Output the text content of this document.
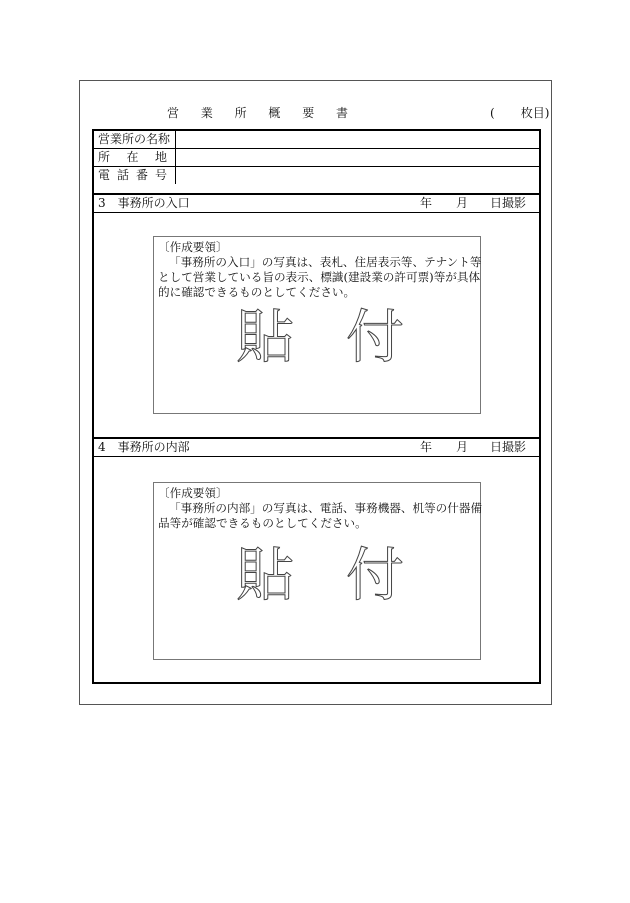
営 業 所 概 要 書	( 枚目)
営業所の名称
所 在 地
電 話 番 号
3　事務所の入口	年 月 日撮影

〔作成要領〕
「事務所の入口」の写真は、表札、住居表示等、テナント等として営業している旨の表示、標識(建設業の許可票)等が具体的に確認できるものとしてください。

貼 付
4　事務所の内部	年 月 日撮影

〔作成要領〕
「事務所の内部」の写真は、電話、事務機器、机等の什器備品等が確認できるものとしてください。

貼 付
